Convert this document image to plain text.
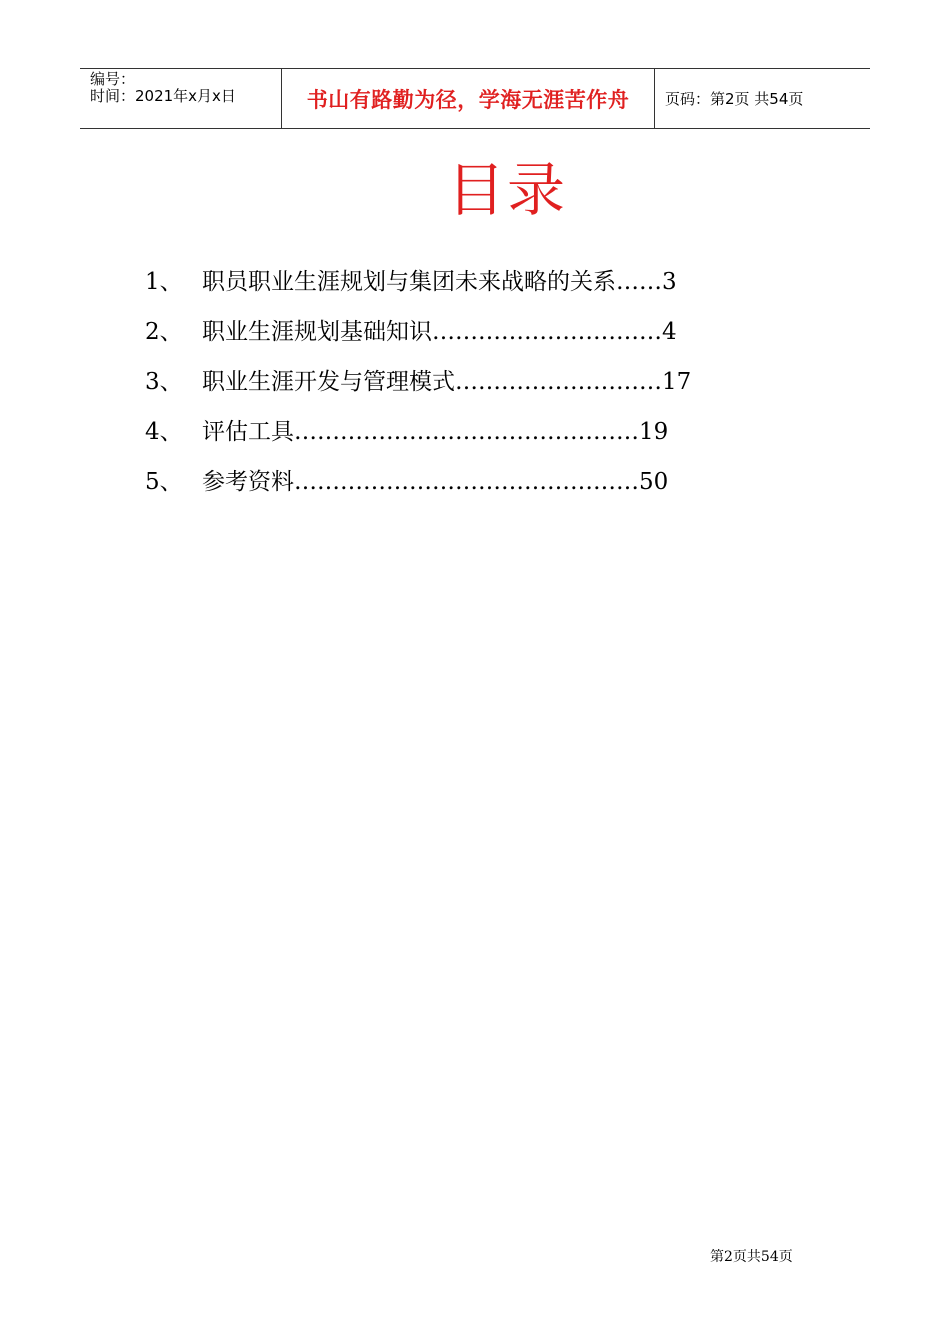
编号：
时间：2021年x月x日	书山有路勤为径，学海无涯苦作舟	页码：第2页 共54页
目录
1、 职员职业生涯规划与集团未来战略的关系…… 3
2、 职业生涯规划基础知识………………………… 4
3、 职业生涯开发与管理模式……………………… 17
4、 评估工具……………………………………… 19
5、 参考资料……………………………………… 50
第2页共54页
